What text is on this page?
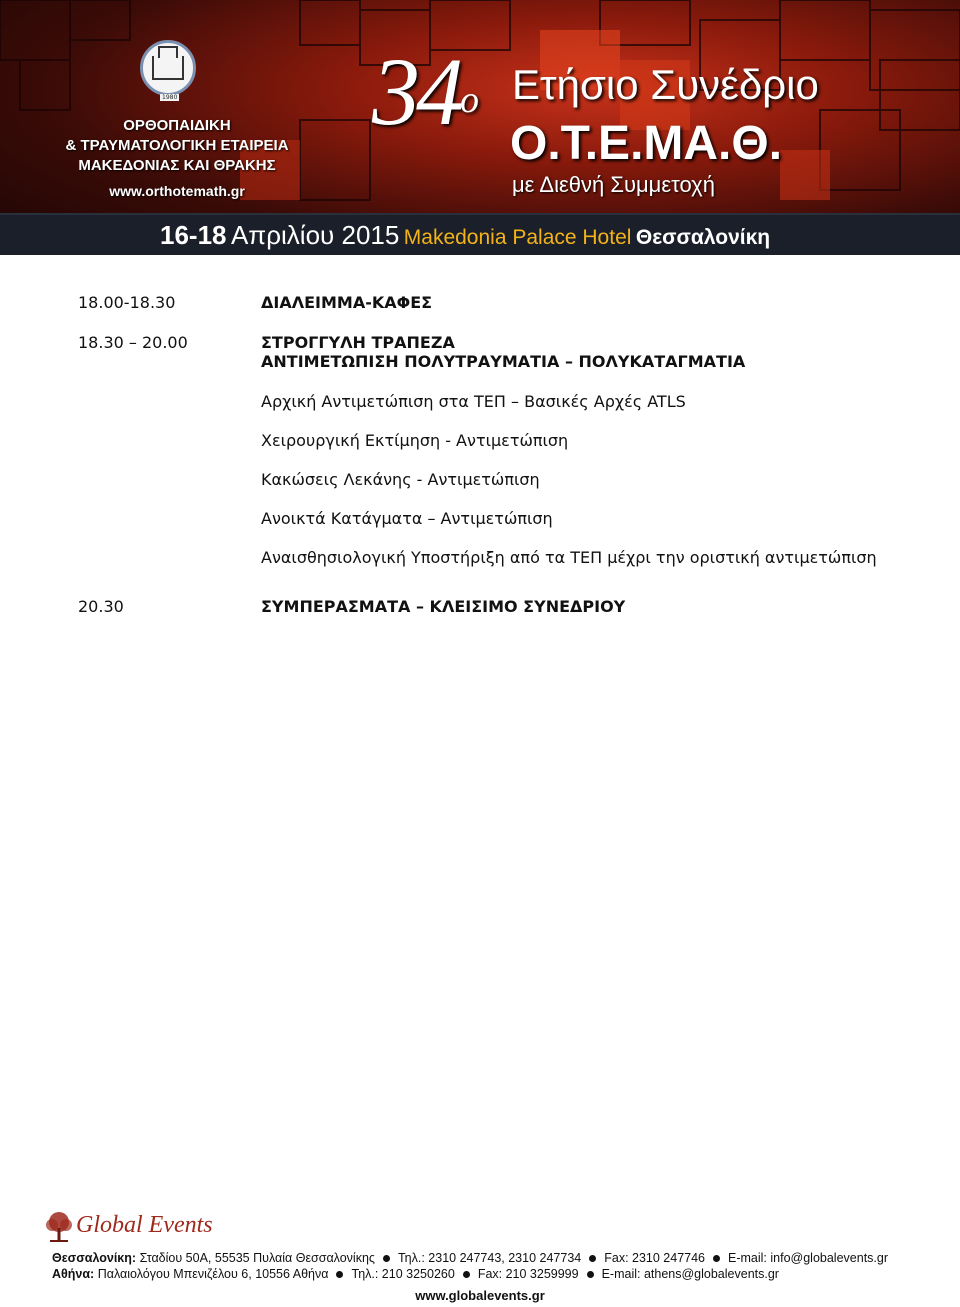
1980
ΟΡΘΟΠΑΙΔΙΚΗ
& ΤΡΑΥΜΑΤΟΛΟΓΙΚΗ ΕΤΑΙΡΕΙΑ
ΜΑΚΕΔΟΝΙΑΣ ΚΑΙ ΘΡΑΚΗΣ
www.orthotemath.gr
$34^o$ Ετήσιο Συνέδριο
Ο.Τ.Ε.ΜΑ.Θ.
με Διεθνή Συμμετοχή
16-18 Απριλίου 2015 Makedonia Palace Hotel Θεσσαλονίκη
18.00-18.30	ΔΙΑΛΕΙΜΜΑ-ΚΑΦΕΣ
18.30 – 20.00	ΣΤΡΟΓΓΥΛΗ ΤΡΑΠΕΖΑ
ΑΝΤΙΜΕΤΩΠΙΣΗ ΠΟΛΥΤΡΑΥΜΑΤΙΑ – ΠΟΛΥΚΑΤΑΓΜΑΤΙΑ
Αρχική Αντιμετώπιση στα ΤΕΠ – Βασικές Αρχές ATLS
Χειρουργική Εκτίμηση - Αντιμετώπιση
Κακώσεις Λεκάνης - Αντιμετώπιση
Ανοικτά Κατάγματα – Αντιμετώπιση
Αναισθησιολογική Υποστήριξη από τα ΤΕΠ μέχρι την οριστική αντιμετώπιση
20.30	ΣΥΜΠΕΡΑΣΜΑΤΑ – ΚΛΕΙΣΙΜΟ ΣΥΝΕΔΡΙΟΥ
Global Events
Θεσσαλονίκη: Σταδίου 50Α, 55535 Πυλαία Θεσσαλονίκης Τηλ.: 2310 247743, 2310 247734 Fax: 2310 247746 E-mail: info@globalevents.gr
Αθήνα: Παλαιολόγου Μπενιζέλου 6, 10556 Αθήνα Τηλ.: 210 3250260 Fax: 210 3259999 E-mail: athens@globalevents.gr
www.globalevents.gr
